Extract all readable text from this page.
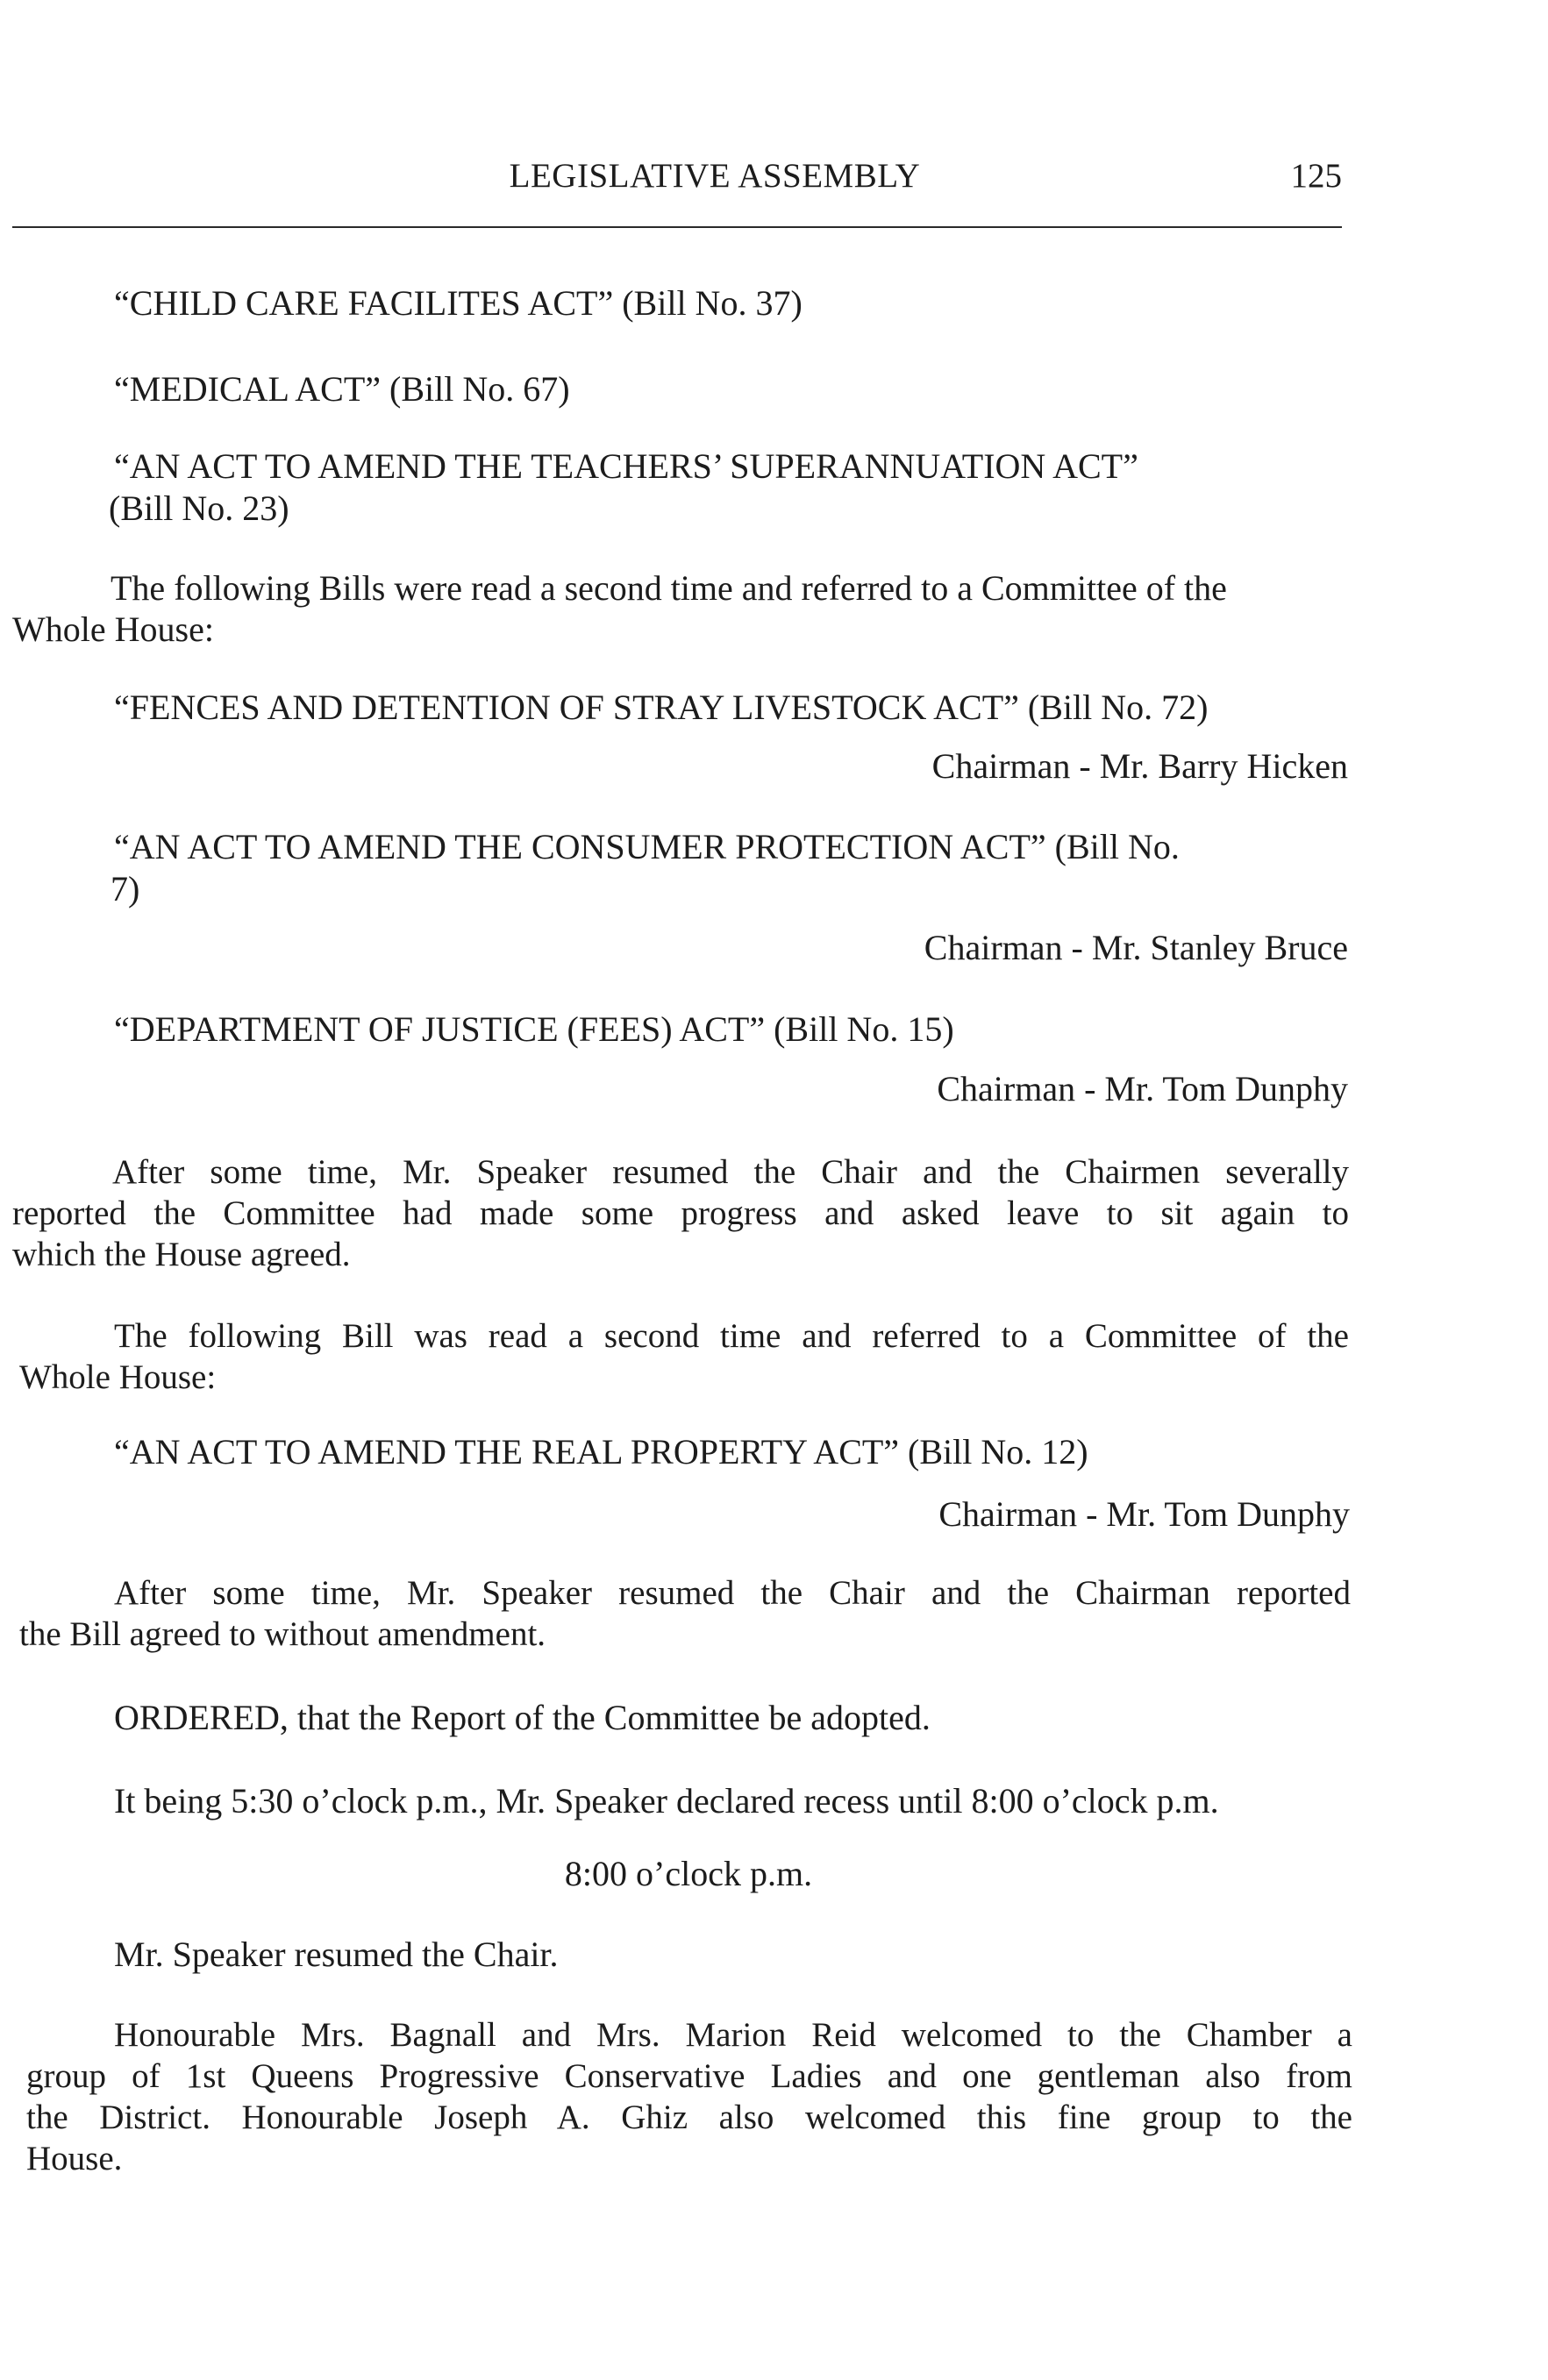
LEGISLATIVE ASSEMBLY	125
“CHILD CARE FACILITES ACT” (Bill No. 37)
“MEDICAL ACT” (Bill No. 67)
“AN ACT TO AMEND THE TEACHERS’ SUPERANNUATION ACT”
(Bill No. 23)
The following Bills were read a second time and referred to a Committee of the
Whole House:
“FENCES AND DETENTION OF STRAY LIVESTOCK ACT” (Bill No. 72)
Chairman - Mr. Barry Hicken
“AN ACT TO AMEND THE CONSUMER PROTECTION ACT” (Bill No.
7)
Chairman - Mr. Stanley Bruce
“DEPARTMENT OF JUSTICE (FEES) ACT” (Bill No. 15)
Chairman - Mr. Tom Dunphy
After some time, Mr. Speaker resumed the Chair and the Chairmen severally
reported the Committee had made some progress and asked leave to sit again to
which the House agreed.
The following Bill was read a second time and referred to a Committee of the
Whole House:
“AN ACT TO AMEND THE REAL PROPERTY ACT” (Bill No. 12)
Chairman - Mr. Tom Dunphy
After some time, Mr. Speaker resumed the Chair and the Chairman reported
the Bill agreed to without amendment.
ORDERED, that the Report of the Committee be adopted.
It being 5:30 o’clock p.m., Mr. Speaker declared recess until 8:00 o’clock p.m.
8:00 o’clock p.m.
Mr. Speaker resumed the Chair.
Honourable Mrs. Bagnall and Mrs. Marion Reid welcomed to the Chamber a
group of 1st Queens Progressive Conservative Ladies and one gentleman also from
the District. Honourable Joseph A. Ghiz also welcomed this fine group to the
House.
